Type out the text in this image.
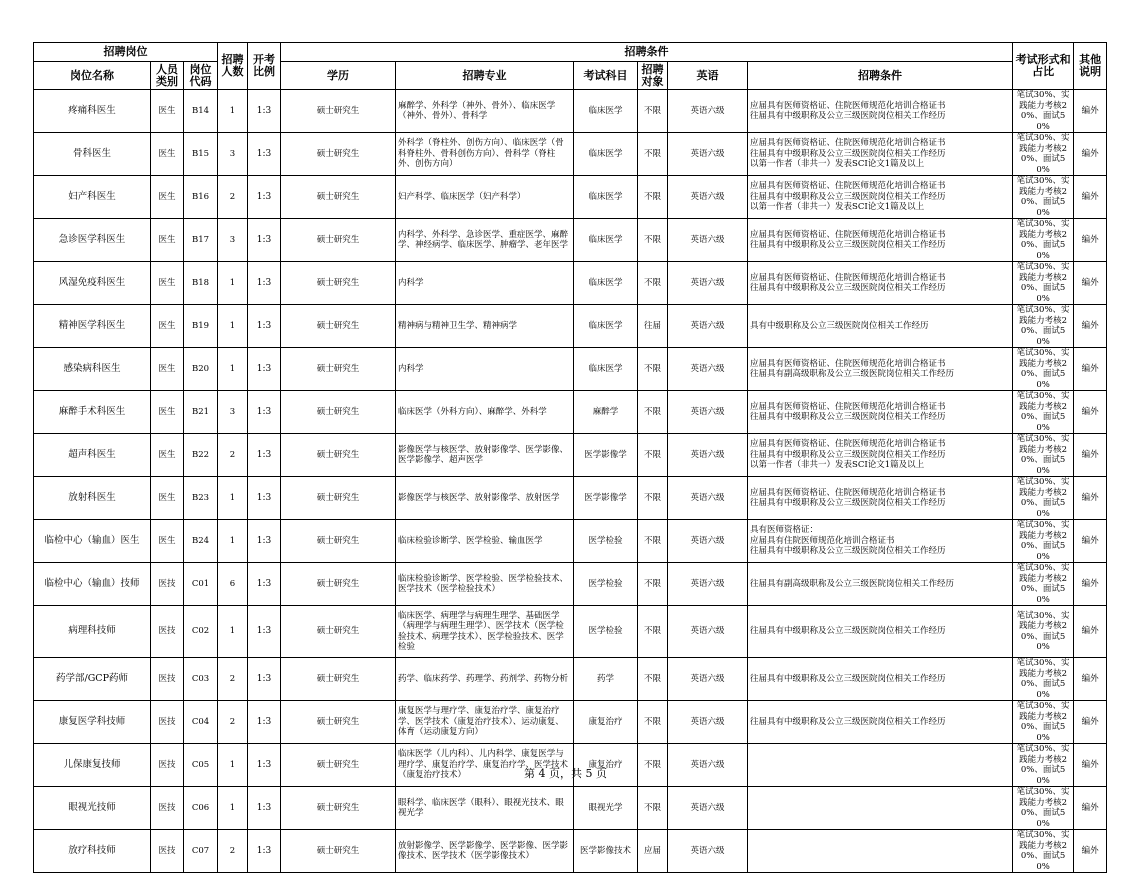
招聘岗位			招聘人数	开考比例	招聘条件						考试形式和占比	其他说明
岗位名称	人员类别	岗位代码			学历	招聘专业	考试科目	招聘对象	英语	招聘条件		
疼痛科医生	医生	B14	1	1:3	硕士研究生	麻醉学、外科学（神外、骨外）、临床医学（神外、骨外）、骨科学	临床医学	不限	英语六级	应届具有医师资格证、住院医师规范化培训合格证书
往届具有中级职称及公立三级医院岗位相关工作经历	笔试30%、实践能力考核20%、面试50%	编外
骨科医生	医生	B15	3	1:3	硕士研究生	外科学（脊柱外、创伤方向）、临床医学（骨科脊柱外、骨科创伤方向）、骨科学（脊柱外、创伤方向）	临床医学	不限	英语六级	应届具有医师资格证、住院医师规范化培训合格证书
往届具有中级职称及公立三级医院岗位相关工作经历
以第一作者（非共一）发表SCI论文1篇及以上	笔试30%、实践能力考核20%、面试50%	编外
妇产科医生	医生	B16	2	1:3	硕士研究生	妇产科学、临床医学（妇产科学）	临床医学	不限	英语六级	应届具有医师资格证、住院医师规范化培训合格证书
往届具有中级职称及公立三级医院岗位相关工作经历
以第一作者（非共一）发表SCI论文1篇及以上	笔试30%、实践能力考核20%、面试50%	编外
急诊医学科医生	医生	B17	3	1:3	硕士研究生	内科学、外科学、急诊医学、重症医学、麻醉学、神经病学、临床医学、肿瘤学、老年医学	临床医学	不限	英语六级	应届具有医师资格证、住院医师规范化培训合格证书
往届具有中级职称及公立三级医院岗位相关工作经历	笔试30%、实践能力考核20%、面试50%	编外
风湿免疫科医生	医生	B18	1	1:3	硕士研究生	内科学	临床医学	不限	英语六级	应届具有医师资格证、住院医师规范化培训合格证书
往届具有中级职称及公立三级医院岗位相关工作经历	笔试30%、实践能力考核20%、面试50%	编外
精神医学科医生	医生	B19	1	1:3	硕士研究生	精神病与精神卫生学、精神病学	临床医学	往届	英语六级	具有中级职称及公立三级医院岗位相关工作经历	笔试30%、实践能力考核20%、面试50%	编外
感染病科医生	医生	B20	1	1:3	硕士研究生	内科学	临床医学	不限	英语六级	应届具有医师资格证、住院医师规范化培训合格证书
往届具有副高级职称及公立三级医院岗位相关工作经历	笔试30%、实践能力考核20%、面试50%	编外
麻醉手术科医生	医生	B21	3	1:3	硕士研究生	临床医学（外科方向）、麻醉学、外科学	麻醉学	不限	英语六级	应届具有医师资格证、住院医师规范化培训合格证书
往届具有中级职称及公立三级医院岗位相关工作经历	笔试30%、实践能力考核20%、面试50%	编外
超声科医生	医生	B22	2	1:3	硕士研究生	影像医学与核医学、放射影像学、医学影像、医学影像学、超声医学	医学影像学	不限	英语六级	应届具有医师资格证、住院医师规范化培训合格证书
往届具有中级职称及公立三级医院岗位相关工作经历
以第一作者（非共一）发表SCI论文1篇及以上	笔试30%、实践能力考核20%、面试50%	编外
放射科医生	医生	B23	1	1:3	硕士研究生	影像医学与核医学、放射影像学、放射医学	医学影像学	不限	英语六级	应届具有医师资格证、住院医师规范化培训合格证书
往届具有中级职称及公立三级医院岗位相关工作经历	笔试30%、实践能力考核20%、面试50%	编外
临检中心（输血）医生	医生	B24	1	1:3	硕士研究生	临床检验诊断学、医学检验、输血医学	医学检验	不限	英语六级	具有医师资格证：
应届具有住院医师规范化培训合格证书
往届具有中级职称及公立三级医院岗位相关工作经历	笔试30%、实践能力考核20%、面试50%	编外
临检中心（输血）技师	医技	C01	6	1:3	硕士研究生	临床检验诊断学、医学检验、医学检验技术、医学技术（医学检验技术）	医学检验	不限	英语六级	往届具有副高级职称及公立三级医院岗位相关工作经历	笔试30%、实践能力考核20%、面试50%	编外
病理科技师	医技	C02	1	1:3	硕士研究生	临床医学、病理学与病理生理学、基础医学（病理学与病理生理学）、医学技术（医学检验技术、病理学技术）、医学检验技术、医学检验	医学检验	不限	英语六级	往届具有中级职称及公立三级医院岗位相关工作经历	笔试30%、实践能力考核20%、面试50%	编外
药学部/GCP药师	医技	C03	2	1:3	硕士研究生	药学、临床药学、药理学、药剂学、药物分析	药学	不限	英语六级	往届具有中级职称及公立三级医院岗位相关工作经历	笔试30%、实践能力考核20%、面试50%	编外
康复医学科技师	医技	C04	2	1:3	硕士研究生	康复医学与理疗学、康复治疗学、康复治疗学、医学技术（康复治疗技术）、运动康复、体育（运动康复方向）	康复治疗	不限	英语六级	往届具有中级职称及公立三级医院岗位相关工作经历	笔试30%、实践能力考核20%、面试50%	编外
儿保康复技师	医技	C05	1	1:3	硕士研究生	临床医学（儿内科）、儿内科学、康复医学与理疗学、康复治疗学、康复治疗学、医学技术（康复治疗技术）	康复治疗	不限	英语六级		笔试30%、实践能力考核20%、面试50%	编外
眼视光技师	医技	C06	1	1:3	硕士研究生	眼科学、临床医学（眼科）、眼视光技术、眼视光学	眼视光学	不限	英语六级		笔试30%、实践能力考核20%、面试50%	编外
放疗科技师	医技	C07	2	1:3	硕士研究生	放射影像学、医学影像学、医学影像、医学影像技术、医学技术（医学影像技术）	医学影像技术	应届	英语六级		笔试30%、实践能力考核20%、面试50%	编外
第 4 页，共 5 页
